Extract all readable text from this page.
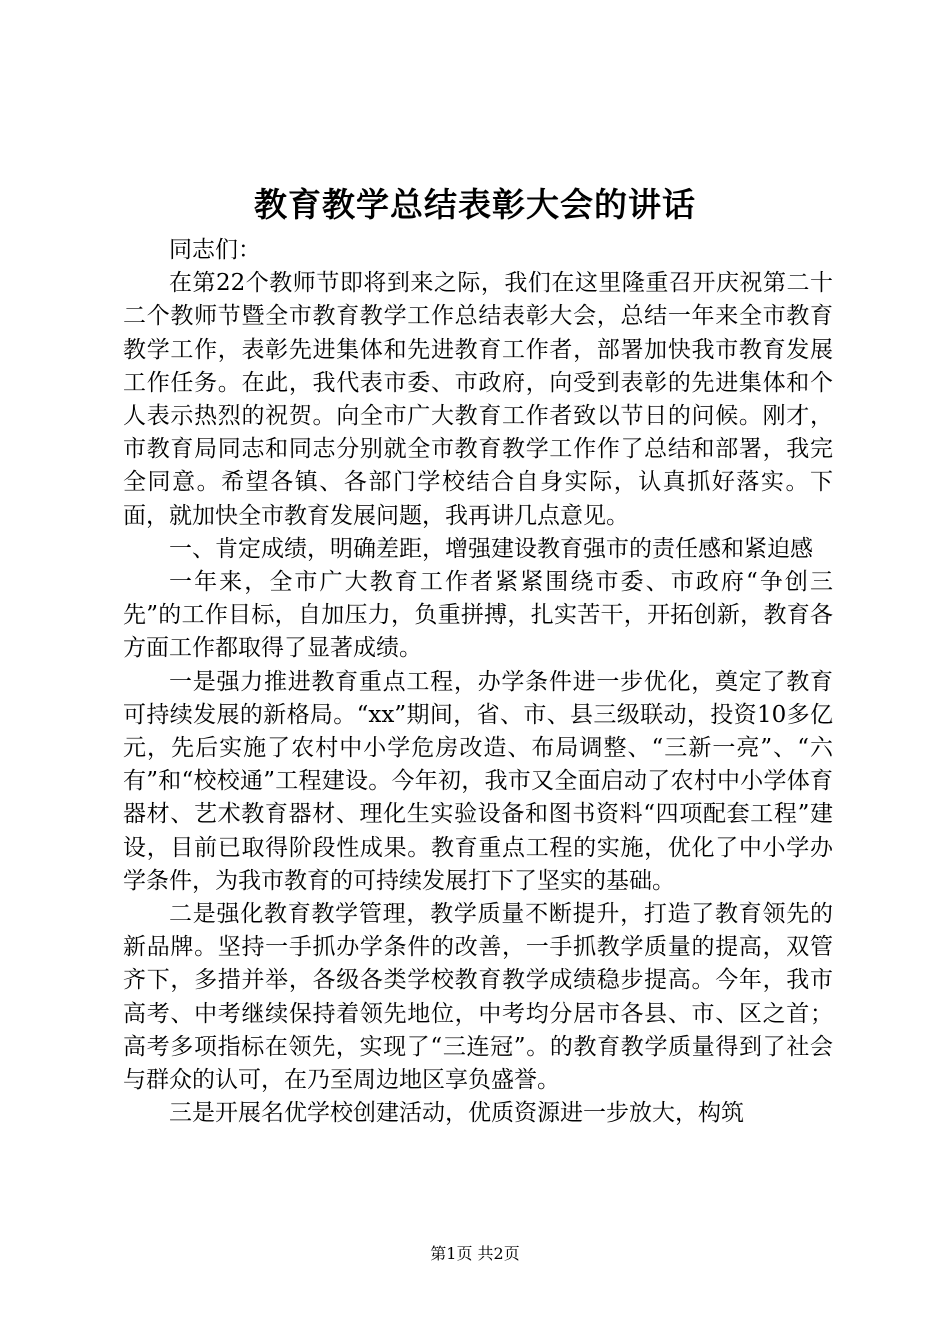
教育教学总结表彰大会的讲话

同志们：

在第22个教师节即将到来之际，我们在这里隆重召开庆祝第二十二个教师节暨全市教育教学工作总结表彰大会，总结一年来全市教育教学工作，表彰先进集体和先进教育工作者，部署加快我市教育发展工作任务。在此，我代表市委、市政府，向受到表彰的先进集体和个人表示热烈的祝贺。向全市广大教育工作者致以节日的问候。刚才，市教育局同志和同志分别就全市教育教学工作作了总结和部署，我完全同意。希望各镇、各部门学校结合自身实际，认真抓好落实。下面，就加快全市教育发展问题，我再讲几点意见。

一、肯定成绩，明确差距，增强建设教育强市的责任感和紧迫感

一年来，全市广大教育工作者紧紧围绕市委、市政府“争创三先”的工作目标，自加压力，负重拼搏，扎实苦干，开拓创新，教育各方面工作都取得了显著成绩。

一是强力推进教育重点工程，办学条件进一步优化，奠定了教育可持续发展的新格局。“xx”期间，省、市、县三级联动，投资10多亿元，先后实施了农村中小学危房改造、布局调整、“三新一亮”、“六有”和“校校通”工程建设。今年初，我市又全面启动了农村中小学体育器材、艺术教育器材、理化生实验设备和图书资料“四项配套工程”建设，目前已取得阶段性成果。教育重点工程的实施，优化了中小学办学条件，为我市教育的可持续发展打下了坚实的基础。

二是强化教育教学管理，教学质量不断提升，打造了教育领先的新品牌。坚持一手抓办学条件的改善，一手抓教学质量的提高，双管齐下，多措并举，各级各类学校教育教学成绩稳步提高。今年，我市高考、中考继续保持着领先地位，中考均分居市各县、市、区之首；高考多项指标在领先，实现了“三连冠”。的教育教学质量得到了社会与群众的认可，在乃至周边地区享负盛誉。

三是开展名优学校创建活动，优质资源进一步放大，构筑

第1页 共2页
